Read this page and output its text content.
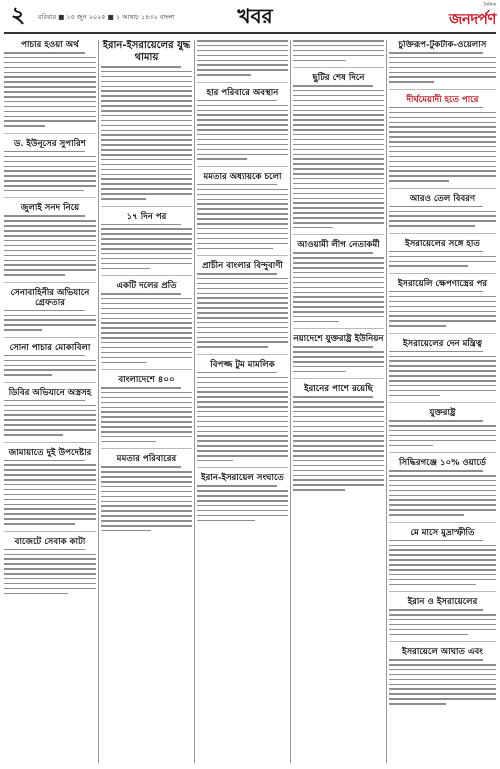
২	রবিবার ■ ১৫ জুন ২০২৫ ■ ১ আষাঢ় ১৪৩২ বাংলা	খবর	দৈনিক
জনদর্পণ
পাচার হওয়া অর্থ
ড. ইউনূসের সুপারিশ
জুলাই সনদ নিয়ে
সেনাবাহিনীর অভিযানে গ্রেফতার
সোনা পাচার মোকাবিলা
ডিবির অভিযানে অস্ত্রসহ
জামায়াতে দুই উপদেষ্টার
বাজেটে সেবাক কাটা
ইরান-ইসরায়েলের যুদ্ধ থামায়
১৭ দিন পর
একটি দলের প্রতি
বাংলাদেশে ৪০০
মমতার পরিবারের
হার পরিবারে অবস্থান
মমতার অধ্যায়কে চলো
প্রাচীন বাংলার বিন্দুবাণী
বিপজ্জ টুম মামলিক
ইরান-ইসরায়েল সংঘাতে
ছুটির শেষ দিনে
আওয়ামী লীগ নেতাকর্মী
নয়াদেশে যুক্তরাষ্ট্র ইউনিয়ন
ইরানের পাশে রয়েছি
চুক্তিরূপ-টুকটাক-ওয়েলাস
দীর্ঘমেয়াদী হতে পারে
আরও তেল বিবরণ
ইসরায়েলের সঙ্গে হাত
ইসরায়েলি ক্ষেপণাস্ত্রের পর
ইসরায়েলের দেন মন্ত্রিত্ব
যুক্তরাষ্ট্র
সিদ্ধিরগঞ্জে ১০% ওয়ার্ডে
মে মাসে মুদ্রাস্ফীতি
ইরান ও ইসরায়েলের
ইসরায়েলে আঘাত এবং
